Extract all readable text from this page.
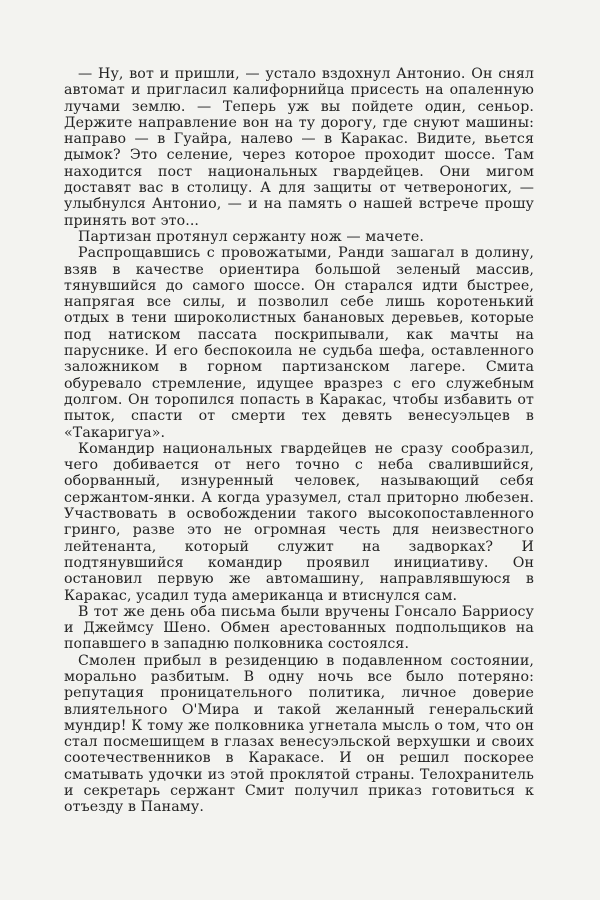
— Ну, вот и пришли, — устало вздохнул Антонио. Он снял автомат и пригласил калифорнийца присесть на опаленную лучами землю. — Теперь уж вы пойдете один, сеньор. Держите направление вон на ту дорогу, где снуют машины: направо — в Гуайра, налево — в Каракас. Видите, вьется дымок? Это селение, через которое проходит шоссе. Там находится пост национальных гвардейцев. Они мигом доставят вас в столицу. А для защиты от четвероногих, — улыбнулся Антонио, — и на память о нашей встрече прошу принять вот это...

Партизан протянул сержанту нож — мачете.

Распрощавшись с провожатыми, Ранди зашагал в долину, взяв в качестве ориентира большой зеленый массив, тянувшийся до самого шоссе. Он старался идти быстрее, напрягая все силы, и позволил себе лишь коротенький отдых в тени широколистных банановых деревьев, которые под натиском пассата поскрипывали, как мачты на паруснике. И его беспокоила не судьба шефа, оставленного заложником в горном партизанском лагере. Смита обуревало стремление, идущее вразрез с его служебным долгом. Он торопился попасть в Каракас, чтобы избавить от пыток, спасти от смерти тех девять венесуэльцев в «Такаригуа».

Командир национальных гвардейцев не сразу сообразил, чего добивается от него точно с неба свалившийся, оборванный, изнуренный человек, называющий себя сержантом-янки. А когда уразумел, стал приторно любезен. Участвовать в освобождении такого высокопоставленного гринго, разве это не огромная честь для неизвестного лейтенанта, который служит на задворках? И подтянувшийся командир проявил инициативу. Он остановил первую же автомашину, направлявшуюся в Каракас, усадил туда американца и втиснулся сам.

В тот же день оба письма были вручены Гонсало Барриосу и Джеймсу Шено. Обмен арестованных подпольщиков на попавшего в западню полковника состоялся.

Смолен прибыл в резиденцию в подавленном состоянии, морально разбитым. В одну ночь все было потеряно: репутация проницательного политика, личное доверие влиятельного О'Мира и такой желанный генеральский мундир! К тому же полковника угнетала мысль о том, что он стал посмешищем в глазах венесуэльской верхушки и своих соотечественников в Каракасе. И он решил поскорее сматывать удочки из этой проклятой страны. Телохранитель и секретарь сержант Смит получил приказ готовиться к отъезду в Панаму.
